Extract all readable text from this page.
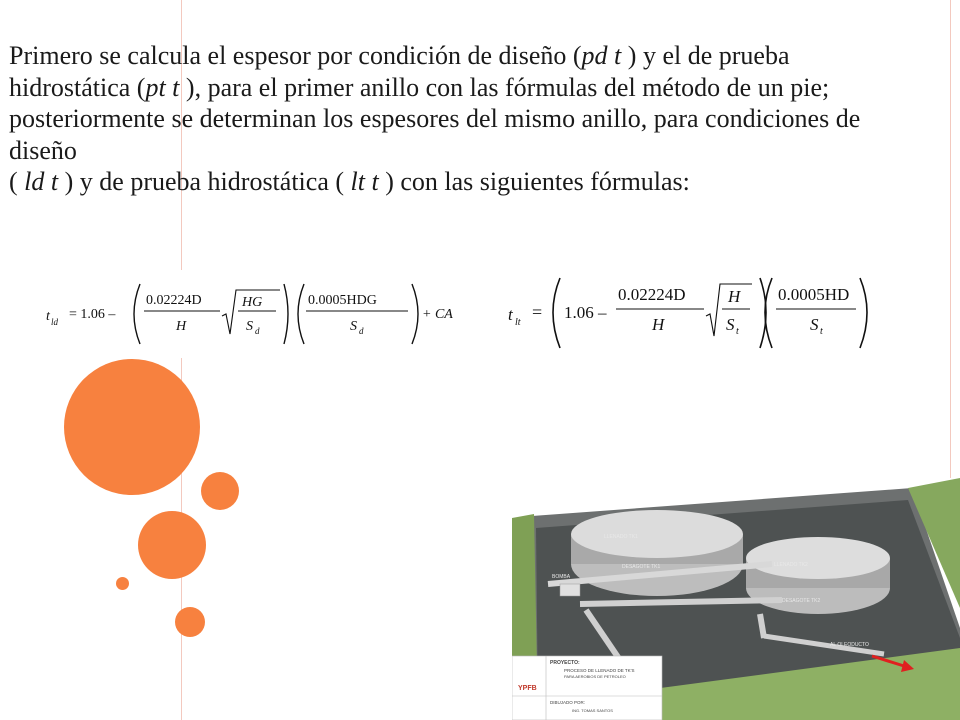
Primero se calcula el espesor por condición de diseño (pd t ) y el de prueba hidrostática (pt t ), para el primer anillo con las fórmulas del método de un pie; posteriormente se determinan los espesores del mismo anillo, para condiciones de diseño
( ld t ) y de prueba hidrostática ( lt t ) con las siguientes fórmulas:

t ld = 1.06 –
0.02224D
H
HG
S d
0.0005HDG
S d
+ CA	t lt
= 1.06 –
0.02224D
H
H
S t
0.0005HD
S t
LLENADO TK1
DESAGOTE TK1	LLENADO TK2
DESAGOTE TK2
BOMBA
AL OLEODUCTO
YPFB
PROYECTO:
PROCESO DE LLENADO DE TK'S
PARA AEROBIOS DE PETROLEO
DIBUJADO POR:
ING. TOMAS SANTOS
